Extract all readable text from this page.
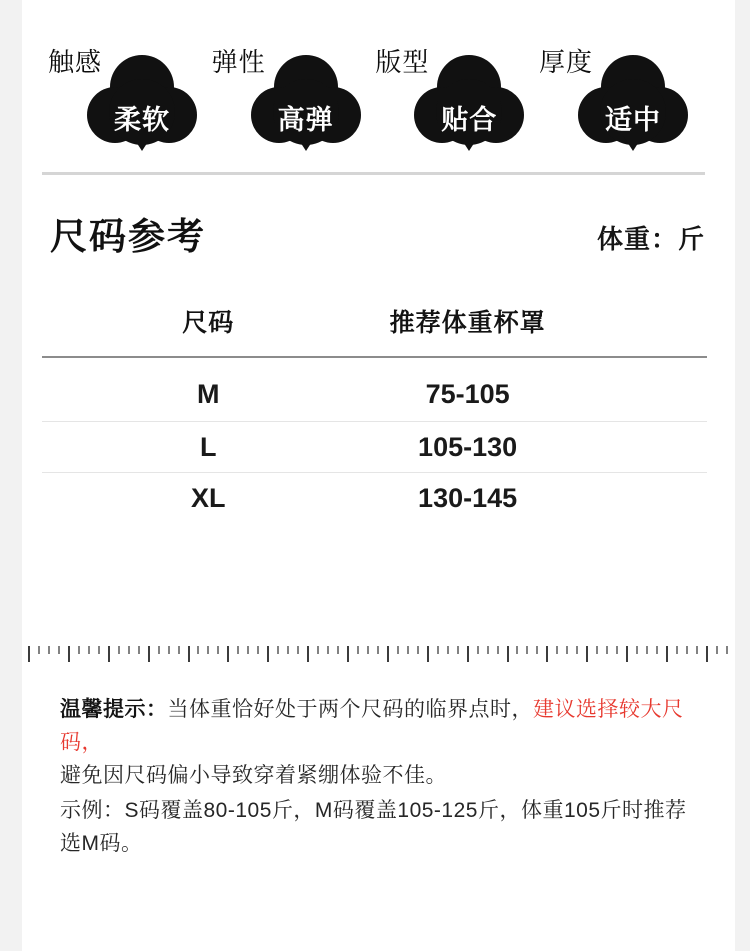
触感
柔软
弹性
高弹
版型
贴合
厚度
适中
尺码参考	体重：斤
尺码	推荐体重杯罩
M	75-105
L	105-130
XL	130-145

温馨提示：当体重恰好处于两个尺码的临界点时，建议选择较大尺码，
避免因尺码偏小导致穿着紧绷体验不佳。

示例：S码覆盖80-105斤，M码覆盖105-125斤，体重105斤时推荐选M码。
